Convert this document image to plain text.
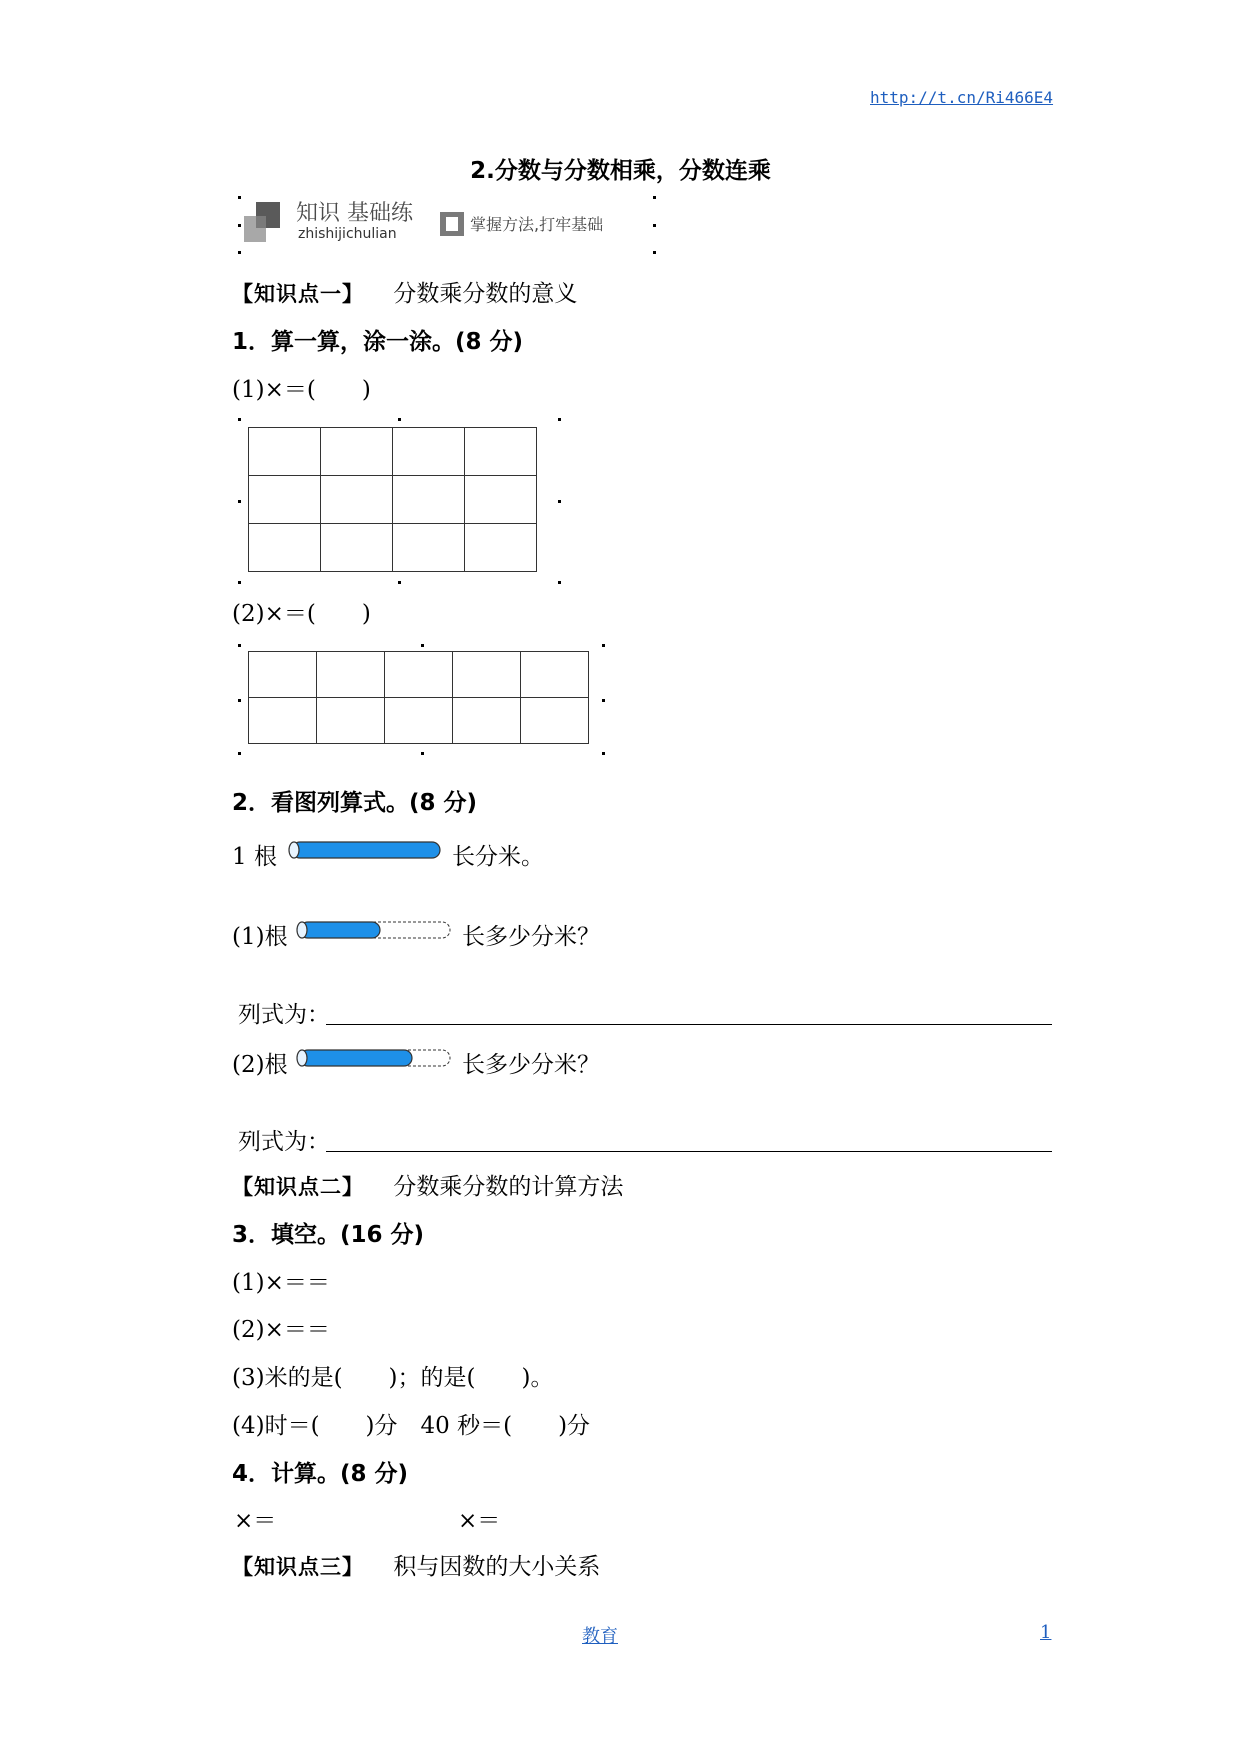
http://t.cn/Ri466E4
2.分数与分数相乘，分数连乘
知识 基础练
zhishijichulian	掌握方法,打牢基础
【知识点一】 分数乘分数的意义
1．算一算，涂一涂。(8 分)
(1)×＝(　　)

(2)×＝(　　)

2．看图列算式。(8 分)
1 根	长分米。
(1)根	长多少分米？
列式为：
(2)根	长多少分米？
列式为：
【知识点二】 分数乘分数的计算方法
3．填空。(16 分)
(1)×＝＝
(2)×＝＝
(3)米的是(　　)；的是(　　)。
(4)时＝(　　)分　40 秒＝(　　)分
4．计算。(8 分)
×＝	×＝
【知识点三】 积与因数的大小关系
教育	1
